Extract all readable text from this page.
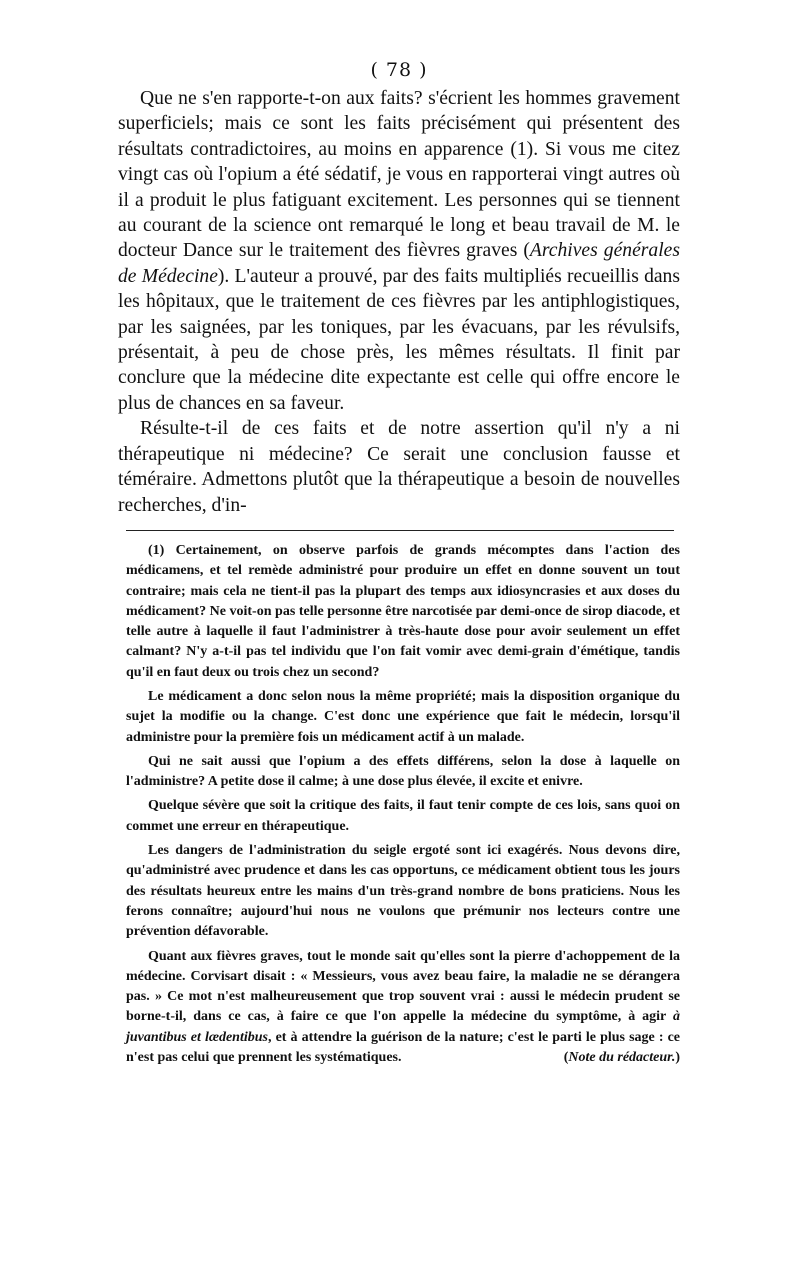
( 78 )

Que ne s'en rapporte-t-on aux faits? s'écrient les hommes gravement superficiels; mais ce sont les faits précisément qui présentent des résultats contradictoires, au moins en apparence (1). Si vous me citez vingt cas où l'opium a été sédatif, je vous en rapporterai vingt autres où il a produit le plus fatiguant excitement. Les personnes qui se tiennent au courant de la science ont remarqué le long et beau travail de M. le docteur Dance sur le traitement des fièvres graves (Archives générales de Médecine). L'auteur a prouvé, par des faits multipliés recueillis dans les hôpitaux, que le traitement de ces fièvres par les antiphlogistiques, par les saignées, par les toniques, par les évacuans, par les révulsifs, présentait, à peu de chose près, les mêmes résultats. Il finit par conclure que la médecine dite expectante est celle qui offre encore le plus de chances en sa faveur.

Résulte-t-il de ces faits et de notre assertion qu'il n'y a ni thérapeutique ni médecine? Ce serait une conclusion fausse et téméraire. Admettons plutôt que la thérapeutique a besoin de nouvelles recherches, d'in-

(1) Certainement, on observe parfois de grands mécomptes dans l'action des médicamens, et tel remède administré pour produire un effet en donne souvent un tout contraire; mais cela ne tient-il pas la plupart des temps aux idiosyncrasies et aux doses du médicament? Ne voit-on pas telle personne être narcotisée par demi-once de sirop diacode, et telle autre à laquelle il faut l'administrer à très-haute dose pour avoir seulement un effet calmant? N'y a-t-il pas tel individu que l'on fait vomir avec demi-grain d'émétique, tandis qu'il en faut deux ou trois chez un second?

Le médicament a donc selon nous la même propriété; mais la disposition organique du sujet la modifie ou la change. C'est donc une expérience que fait le médecin, lorsqu'il administre pour la première fois un médicament actif à un malade.

Qui ne sait aussi que l'opium a des effets différens, selon la dose à laquelle on l'administre? A petite dose il calme; à une dose plus élevée, il excite et enivre.

Quelque sévère que soit la critique des faits, il faut tenir compte de ces lois, sans quoi on commet une erreur en thérapeutique.

Les dangers de l'administration du seigle ergoté sont ici exagérés. Nous devons dire, qu'administré avec prudence et dans les cas opportuns, ce médicament obtient tous les jours des résultats heureux entre les mains d'un très-grand nombre de bons praticiens. Nous les ferons connaître; aujourd'hui nous ne voulons que prémunir nos lecteurs contre une prévention défavorable.

Quant aux fièvres graves, tout le monde sait qu'elles sont la pierre d'achoppement de la médecine. Corvisart disait : « Messieurs, vous avez beau faire, la maladie ne se dérangera pas. » Ce mot n'est malheureusement que trop souvent vrai : aussi le médecin prudent se borne-t-il, dans ce cas, à faire ce que l'on appelle la médecine du symptôme, à agir à juvantibus et lædentibus, et à attendre la guérison de la nature; c'est le parti le plus sage : ce n'est pas celui que prennent les systématiques.	(Note du rédacteur.)
